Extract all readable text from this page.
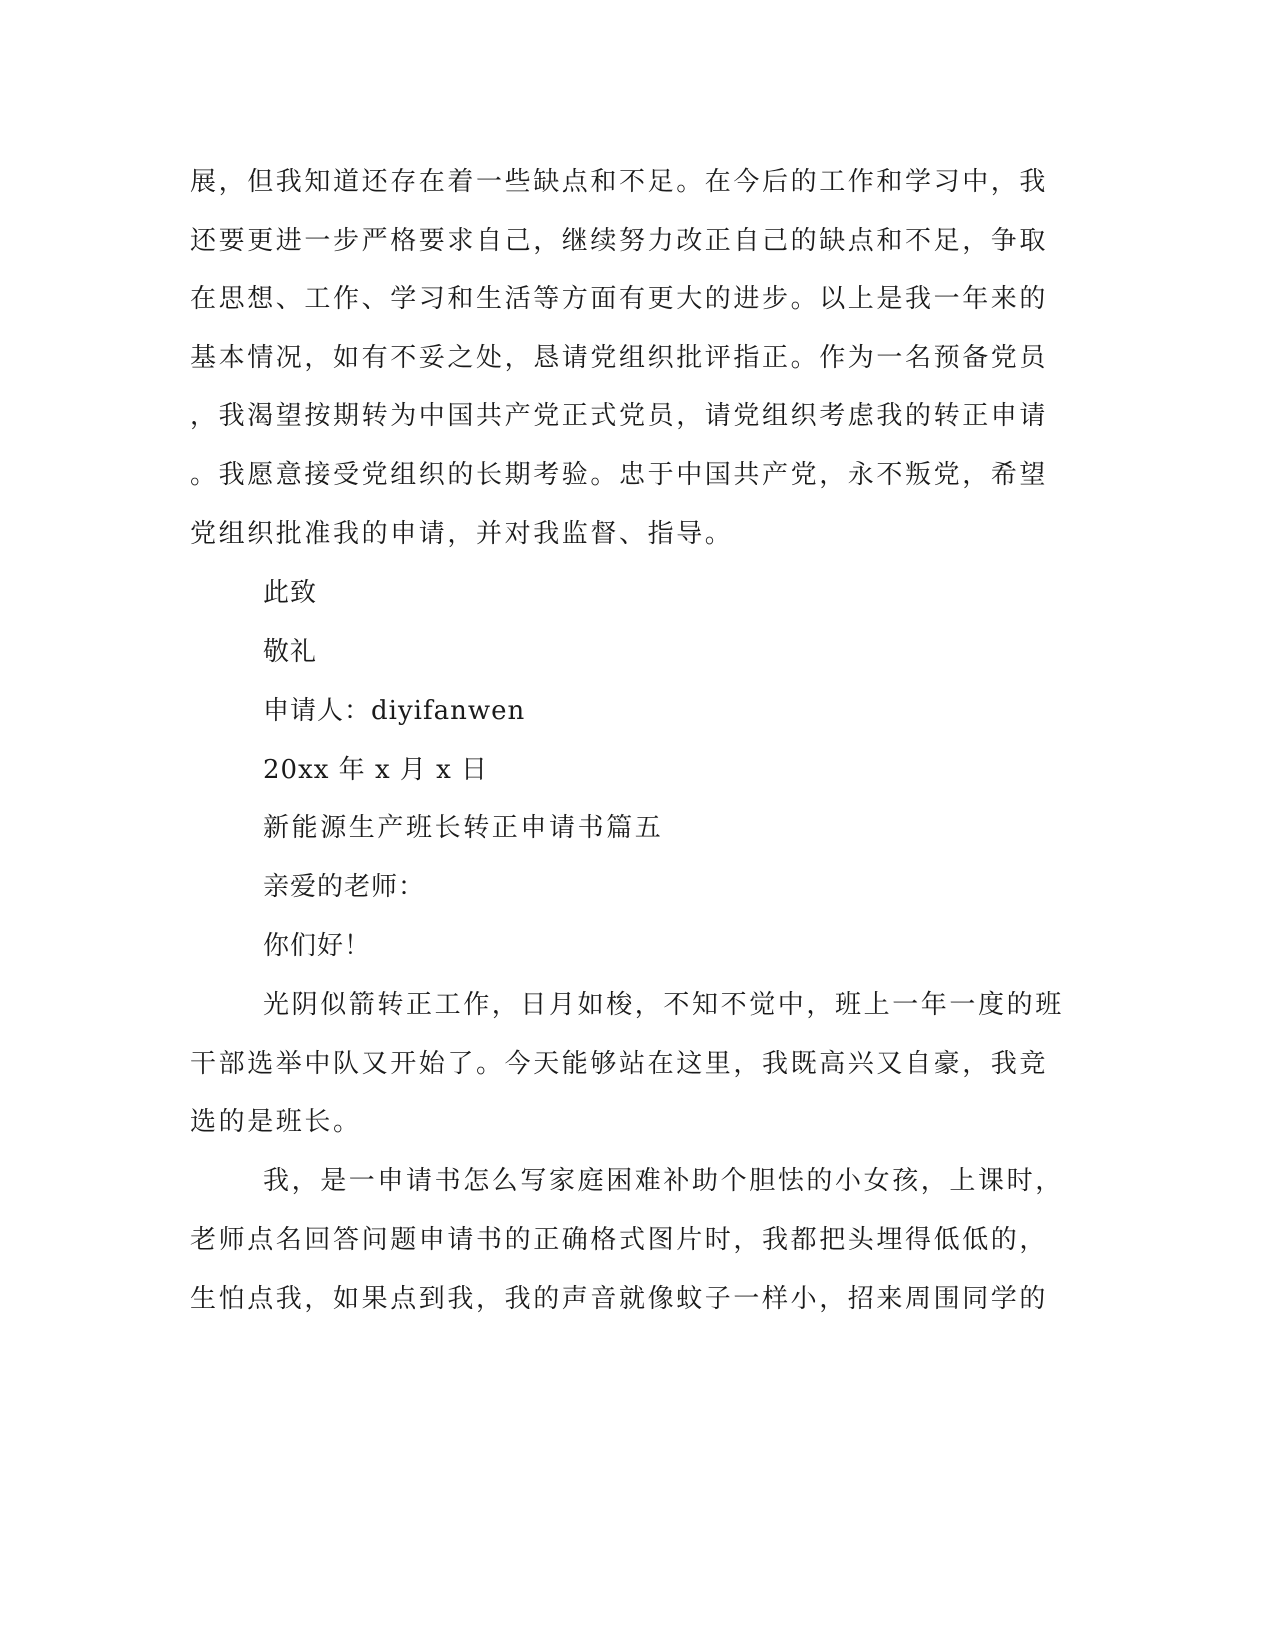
展，但我知道还存在着一些缺点和不足。在今后的工作和学习中，我
还要更进一步严格要求自己，继续努力改正自己的缺点和不足，争取
在思想、工作、学习和生活等方面有更大的进步。以上是我一年来的
基本情况，如有不妥之处，恳请党组织批评指正。作为一名预备党员
，我渴望按期转为中国共产党正式党员，请党组织考虑我的转正申请
。我愿意接受党组织的长期考验。忠于中国共产党，永不叛党，希望
党组织批准我的申请，并对我监督、指导。
此致
敬礼
申请人：diyifanwen
20xx 年 x 月 x 日
新能源生产班长转正申请书篇五
亲爱的老师：
你们好！
光阴似箭转正工作，日月如梭，不知不觉中，班上一年一度的班
干部选举中队又开始了。今天能够站在这里，我既高兴又自豪，我竞
选的是班长。
我，是一申请书怎么写家庭困难补助个胆怯的小女孩，上课时，
老师点名回答问题申请书的正确格式图片时，我都把头埋得低低的，
生怕点我，如果点到我，我的声音就像蚊子一样小，招来周围同学的
